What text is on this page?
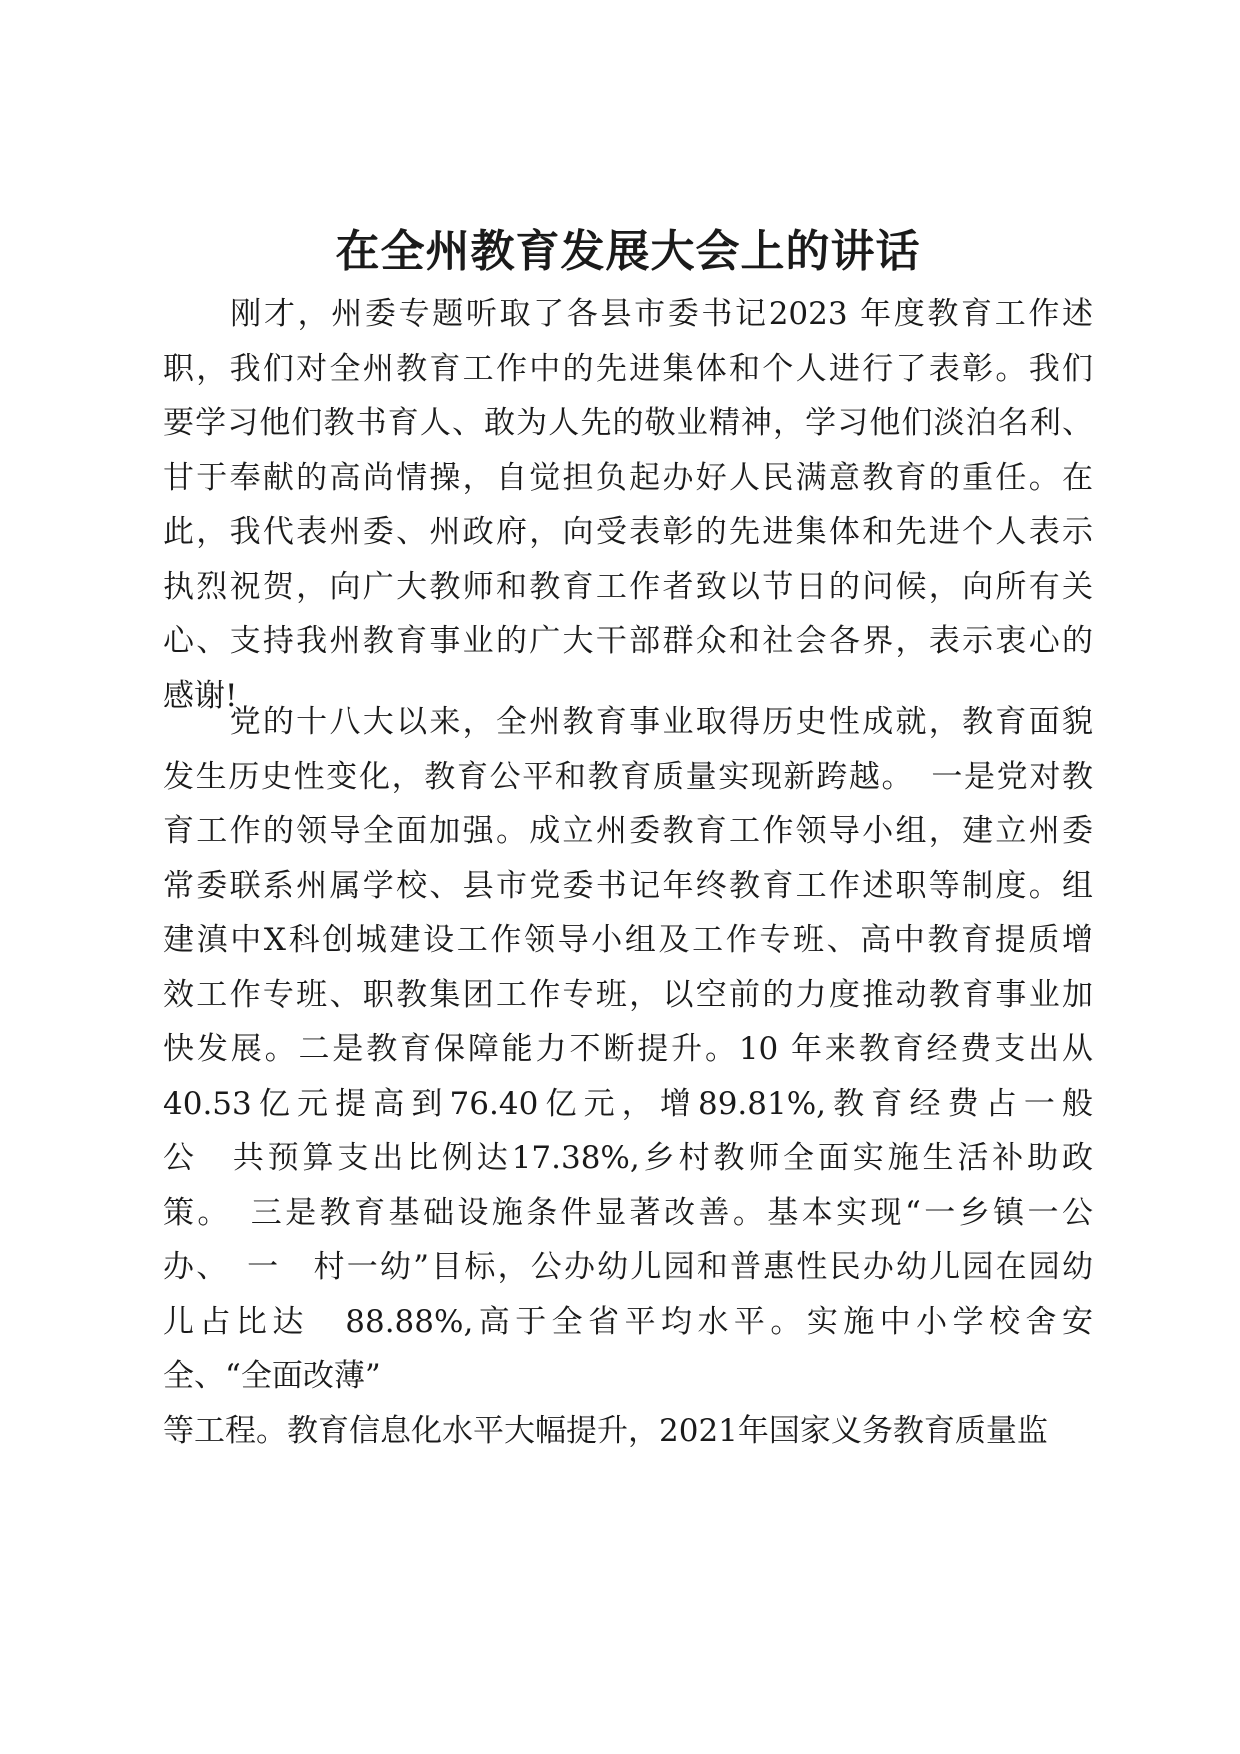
在全州教育发展大会上的讲话
　　刚才，州委专题听取了各县市委书记2023 年度教育工作述
职，我们对全州教育工作中的先进集体和个人进行了表彰。我们
要学习他们教书育人、敢为人先的敬业精神，学习他们淡泊名利、
甘于奉献的高尚情操，自觉担负起办好人民满意教育的重任。在
此，我代表州委、州政府，向受表彰的先进集体和先进个人表示
执烈祝贺，向广大教师和教育工作者致以节日的问候，向所有关
心、支持我州教育事业的广大干部群众和社会各界，表示衷心的
感谢!
　　党的十八大以来，全州教育事业取得历史性成就，教育面貌
发生历史性变化，教育公平和教育质量实现新跨越。　一是党对教
育工作的领导全面加强。成立州委教育工作领导小组，建立州委
常委联系州属学校、县市党委书记年终教育工作述职等制度。组
建滇中X科创城建设工作领导小组及工作专班、高中教育提质增
效工作专班、职教集团工作专班，以空前的力度推动教育事业加
快发展。二是教育保障能力不断提升。10 年来教育经费支出从
40.53亿元提高到76.40亿元，增89.81%,教育经费占一般
公　共预算支出比例达17.38%,乡村教师全面实施生活补助政
策。　三是教育基础设施条件显著改善。基本实现“一乡镇一公
办、　一　村一幼”目标，公办幼儿园和普惠性民办幼儿园在园幼
儿占比达　88.88%,高于全省平均水平。实施中小学校舍安
全、“全面改薄”
等工程。教育信息化水平大幅提升，2021年国家义务教育质量监
